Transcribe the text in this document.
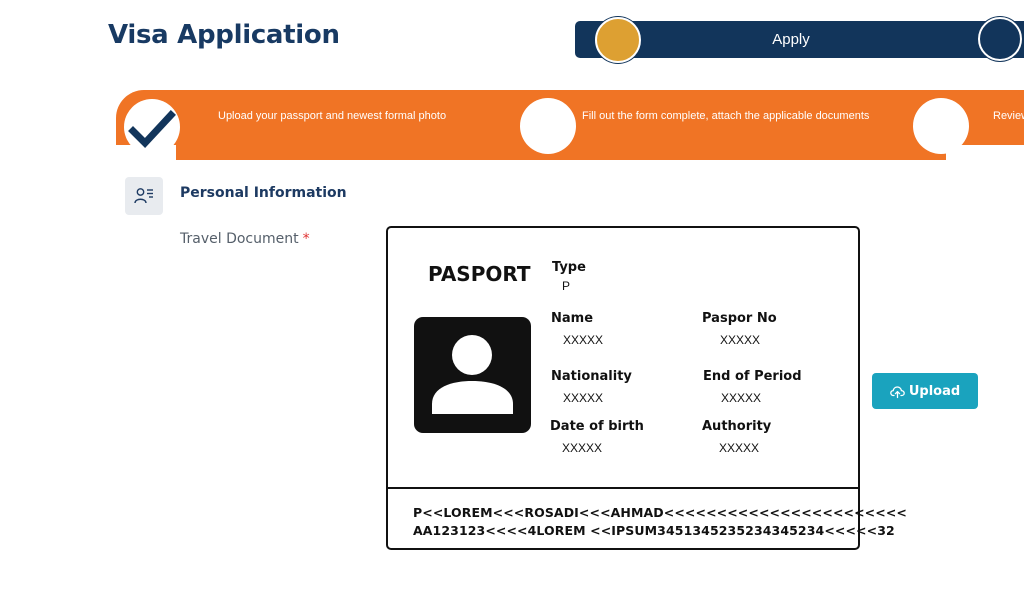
Visa Application	Apply
Upload your passport and newest formal photo	Fill out the form complete, attach the applicable documents	Review
Personal Information
Travel Document *
PASPORT Type
P
Name
XXXXX
Paspor No
XXXXX
Nationality
XXXXX
End of Period
XXXXX
Date of birth
XXXXX
Authority
XXXXX
P<<LOREM<<<ROSADI<<<AHMAD<<<<<<<<<<<<<<<<<<<<<<<
AA123123<<<<4LOREM <<IPSUM3451345235234345234<<<<<32
Upload
